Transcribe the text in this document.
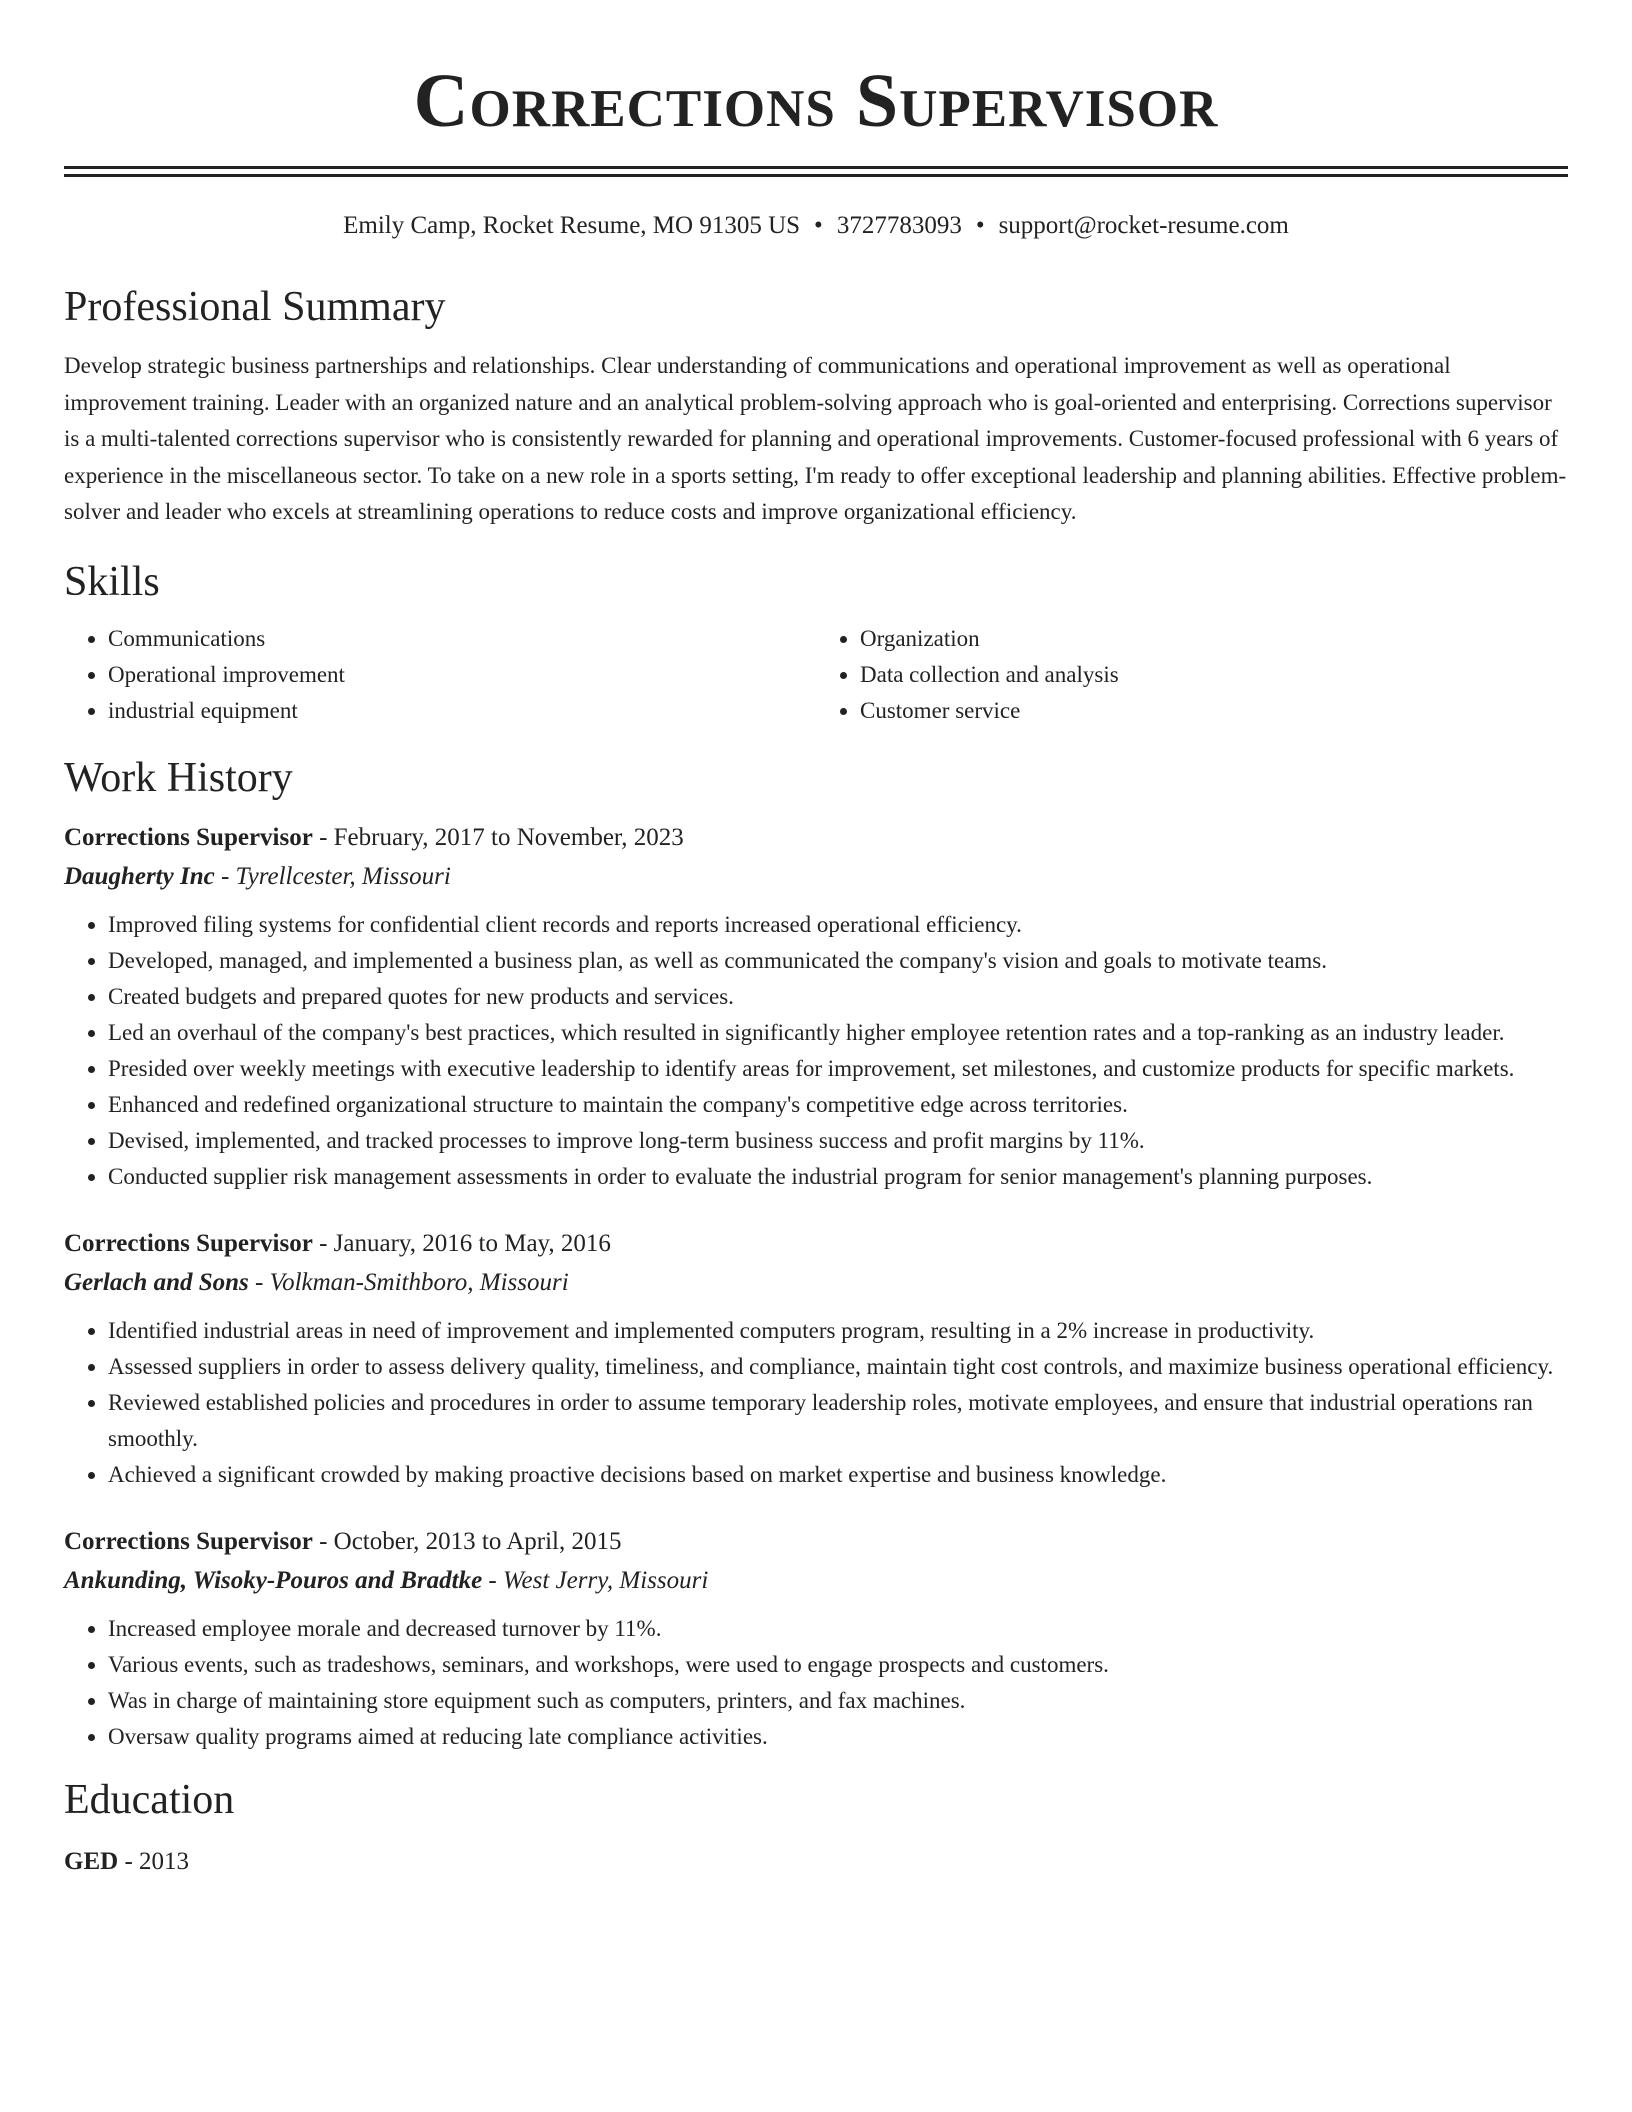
Corrections Supervisor
Emily Camp, Rocket Resume, MO 91305 US • 3727783093 • support@rocket-resume.com
Professional Summary
Develop strategic business partnerships and relationships. Clear understanding of communications and operational improvement as well as operational improvement training. Leader with an organized nature and an analytical problem-solving approach who is goal-oriented and enterprising. Corrections supervisor is a multi-talented corrections supervisor who is consistently rewarded for planning and operational improvements. Customer-focused professional with 6 years of experience in the miscellaneous sector. To take on a new role in a sports setting, I'm ready to offer exceptional leadership and planning abilities. Effective problem-solver and leader who excels at streamlining operations to reduce costs and improve organizational efficiency.
Skills
• Communications
• Operational improvement
• industrial equipment
• Organization
• Data collection and analysis
• Customer service
Work History
Corrections Supervisor - February, 2017 to November, 2023
Daugherty Inc - Tyrellcester, Missouri
• Improved filing systems for confidential client records and reports increased operational efficiency.
• Developed, managed, and implemented a business plan, as well as communicated the company's vision and goals to motivate teams.
• Created budgets and prepared quotes for new products and services.
• Led an overhaul of the company's best practices, which resulted in significantly higher employee retention rates and a top-ranking as an industry leader.
• Presided over weekly meetings with executive leadership to identify areas for improvement, set milestones, and customize products for specific markets.
• Enhanced and redefined organizational structure to maintain the company's competitive edge across territories.
• Devised, implemented, and tracked processes to improve long-term business success and profit margins by 11%.
• Conducted supplier risk management assessments in order to evaluate the industrial program for senior management's planning purposes.
Corrections Supervisor - January, 2016 to May, 2016
Gerlach and Sons - Volkman-Smithboro, Missouri
• Identified industrial areas in need of improvement and implemented computers program, resulting in a 2% increase in productivity.
• Assessed suppliers in order to assess delivery quality, timeliness, and compliance, maintain tight cost controls, and maximize business operational efficiency.
• Reviewed established policies and procedures in order to assume temporary leadership roles, motivate employees, and ensure that industrial operations ran smoothly.
• Achieved a significant crowded by making proactive decisions based on market expertise and business knowledge.
Corrections Supervisor - October, 2013 to April, 2015
Ankunding, Wisoky-Pouros and Bradtke - West Jerry, Missouri
• Increased employee morale and decreased turnover by 11%.
• Various events, such as tradeshows, seminars, and workshops, were used to engage prospects and customers.
• Was in charge of maintaining store equipment such as computers, printers, and fax machines.
• Oversaw quality programs aimed at reducing late compliance activities.
Education
GED - 2013
